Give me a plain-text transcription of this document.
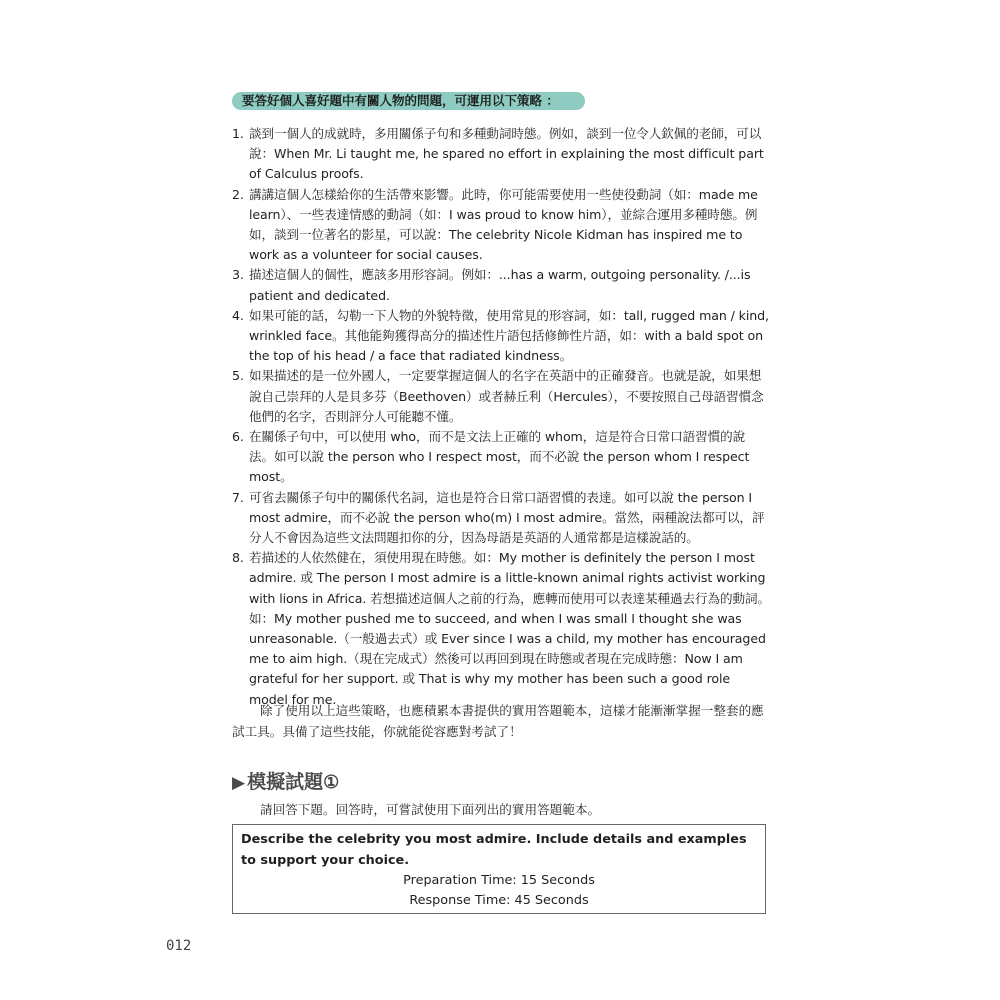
要答好個人喜好題中有關人物的問題，可運用以下策略 ：
1. 談到一個人的成就時，多用關係子句和多種動詞時態。例如，談到一位令人欽佩的老師，可以說：When Mr. Li taught me, he spared no effort in explaining the most difficult part of Calculus proofs.
2. 講講這個人怎樣給你的生活帶來影響。此時，你可能需要使用一些使役動詞（如：made me learn）、一些表達情感的動詞（如：I was proud to know him），並綜合運用多種時態。例如，談到一位著名的影星，可以說：The celebrity Nicole Kidman has inspired me to work as a volunteer for social causes.
3. 描述這個人的個性，應該多用形容詞。例如：...has a warm, outgoing personality. /...is patient and dedicated.
4. 如果可能的話，勾勒一下人物的外貌特徵，使用常見的形容詞，如：tall, rugged man / kind, wrinkled face。其他能夠獲得高分的描述性片語包括修飾性片語，如：with a bald spot on the top of his head / a face that radiated kindness。
5. 如果描述的是一位外國人，一定要掌握這個人的名字在英語中的正確發音。也就是說，如果想說自己崇拜的人是貝多芬（Beethoven）或者赫丘利（Hercules），不要按照自己母語習慣念他們的名字，否則評分人可能聽不懂。
6. 在關係子句中，可以使用 who，而不是文法上正確的 whom，這是符合日常口語習慣的說法。如可以說 the person who I respect most，而不必說 the person whom I respect most。
7. 可省去關係子句中的關係代名詞，這也是符合日常口語習慣的表達。如可以說 the person I most admire，而不必說 the person who(m) I most admire。當然，兩種說法都可以，評分人不會因為這些文法問題扣你的分，因為母語是英語的人通常都是這樣說話的。
8. 若描述的人依然健在，須使用現在時態。如：My mother is definitely the person I most admire. 或 The person I most admire is a little-known animal rights activist working with lions in Africa. 若想描述這個人之前的行為，應轉而使用可以表達某種過去行為的動詞。如：My mother pushed me to succeed, and when I was small I thought she was unreasonable.（一般過去式）或 Ever since I was a child, my mother has encouraged me to aim high.（現在完成式）然後可以再回到現在時態或者現在完成時態：Now I am grateful for her support. 或 That is why my mother has been such a good role model for me.

除了使用以上這些策略，也應積累本書提供的實用答題範本，這樣才能漸漸掌握一整套的應試工具。具備了這些技能，你就能從容應對考試了！

▶ 模擬試題①
請回答下題。回答時，可嘗試使用下面列出的實用答題範本。

Describe the celebrity you most admire. Include details and examples to support your choice.

Preparation Time: 15 Seconds

Response Time: 45 Seconds

012
